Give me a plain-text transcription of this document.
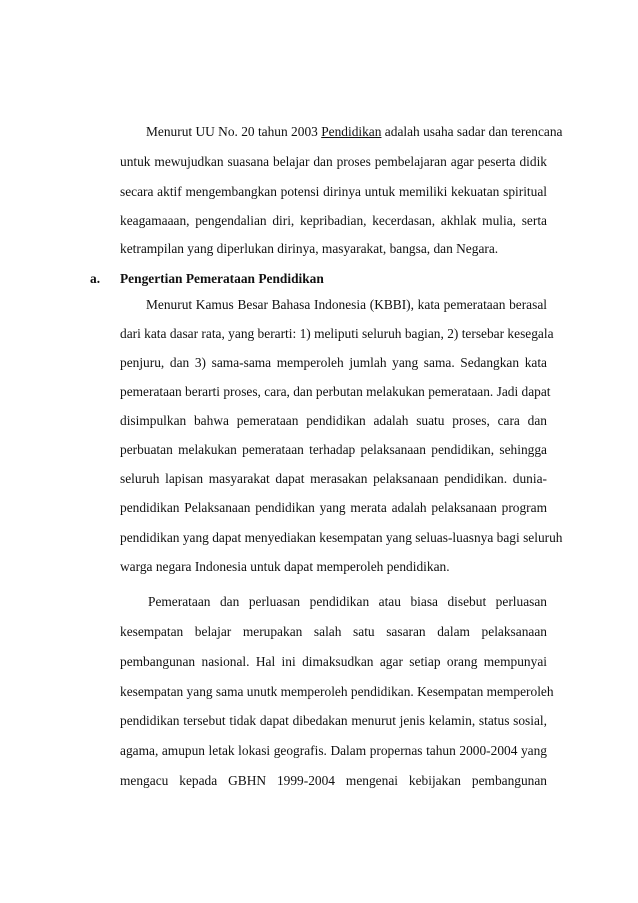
Menurut UU No. 20 tahun 2003 Pendidikan adalah usaha sadar dan terencana
untuk mewujudkan suasana belajar dan proses pembelajaran agar peserta didik
secara aktif mengembangkan potensi dirinya untuk memiliki kekuatan spiritual
keagamaaan, pengendalian diri, kepribadian, kecerdasan, akhlak mulia, serta
ketrampilan yang diperlukan dirinya, masyarakat, bangsa, dan Negara.
a. Pengertian Pemerataan Pendidikan
Menurut Kamus Besar Bahasa Indonesia (KBBI), kata pemerataan berasal
dari kata dasar rata, yang berarti: 1) meliputi seluruh bagian, 2) tersebar kesegala
penjuru, dan 3) sama-sama memperoleh jumlah yang sama. Sedangkan kata
pemerataan berarti proses, cara, dan perbutan melakukan pemerataan. Jadi dapat
disimpulkan bahwa pemerataan pendidikan adalah suatu proses, cara dan
perbuatan melakukan pemerataan terhadap pelaksanaan pendidikan, sehingga
seluruh lapisan masyarakat dapat merasakan pelaksanaan pendidikan. dunia-
pendidikan Pelaksanaan pendidikan yang merata adalah pelaksanaan program
pendidikan yang dapat menyediakan kesempatan yang seluas-luasnya bagi seluruh
warga negara Indonesia untuk dapat memperoleh pendidikan.
Pemerataan dan perluasan pendidikan atau biasa disebut perluasan
kesempatan belajar merupakan salah satu sasaran dalam pelaksanaan
pembangunan nasional. Hal ini dimaksudkan agar setiap orang mempunyai
kesempatan yang sama unutk memperoleh pendidikan. Kesempatan memperoleh
pendidikan tersebut tidak dapat dibedakan menurut jenis kelamin, status sosial,
agama, amupun letak lokasi geografis. Dalam propernas tahun 2000-2004 yang
mengacu kepada GBHN 1999-2004 mengenai kebijakan pembangunan
